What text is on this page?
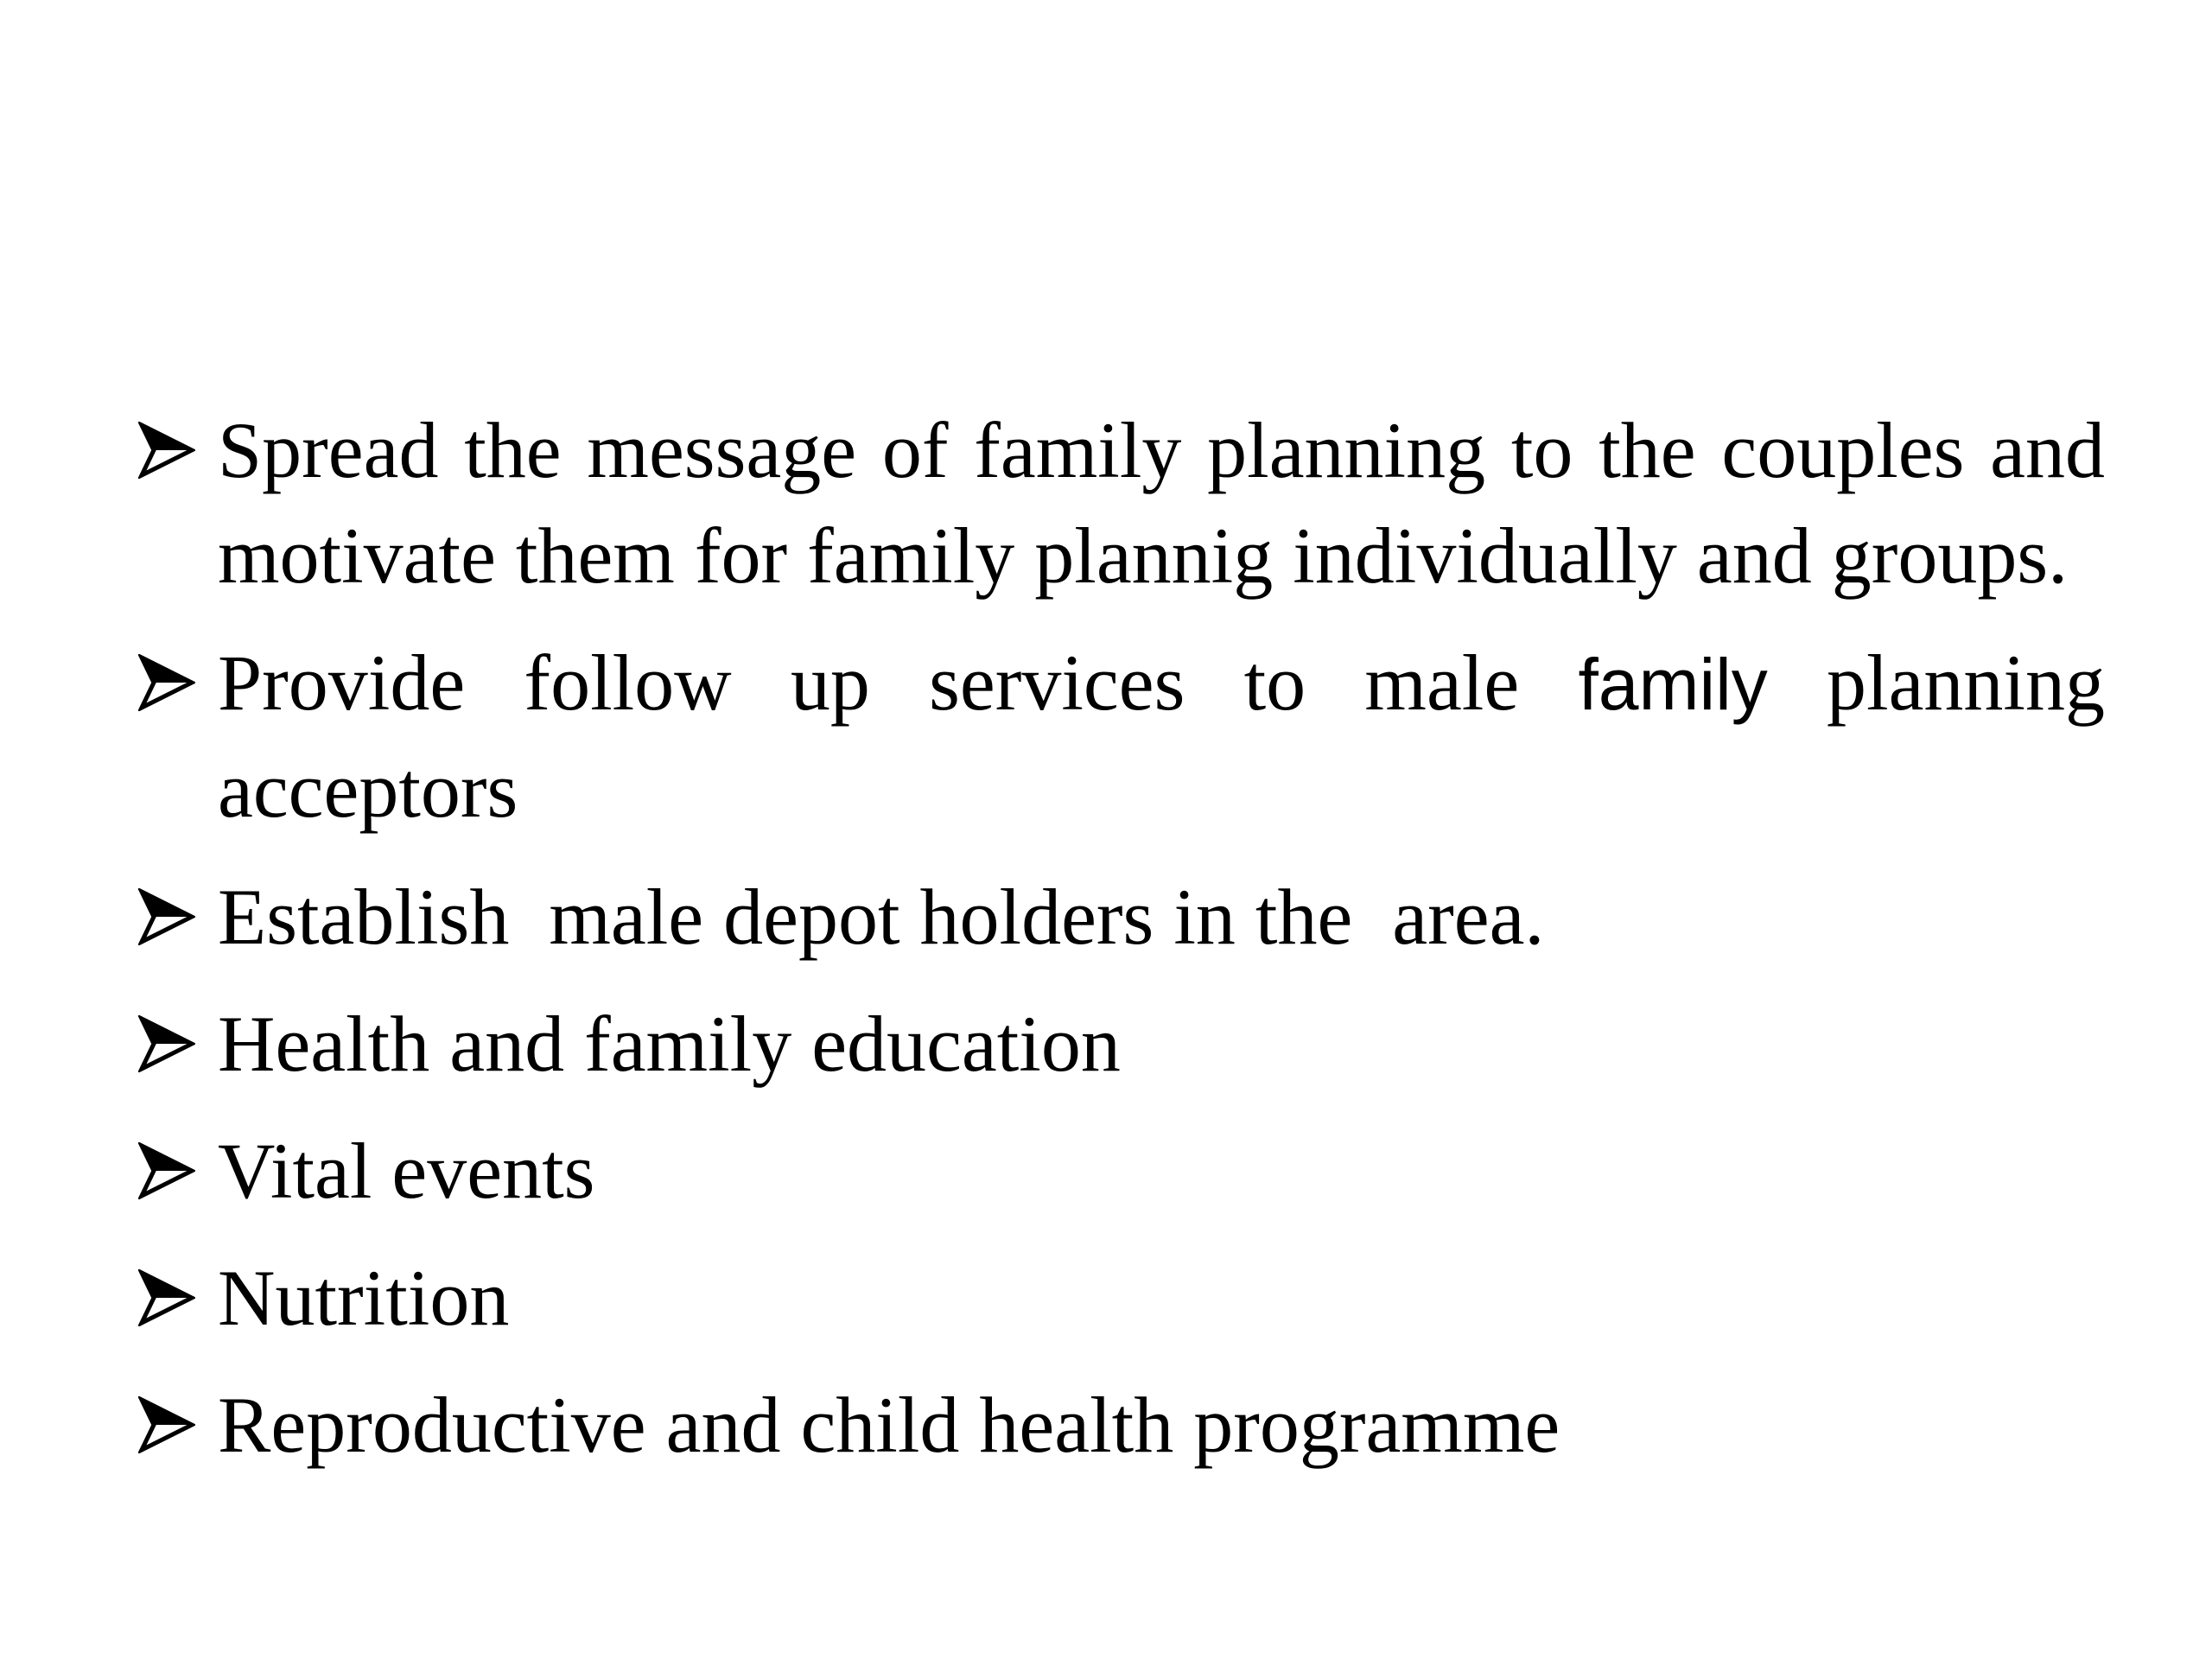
Spread the message of family planning to the couples and motivate them for family plannig individually and groups.
Provide follow up services to male family planning acceptors
Establish  male depot holders in the  area.
Health and family education
Vital events
Nutrition
Reproductive and child health programme
